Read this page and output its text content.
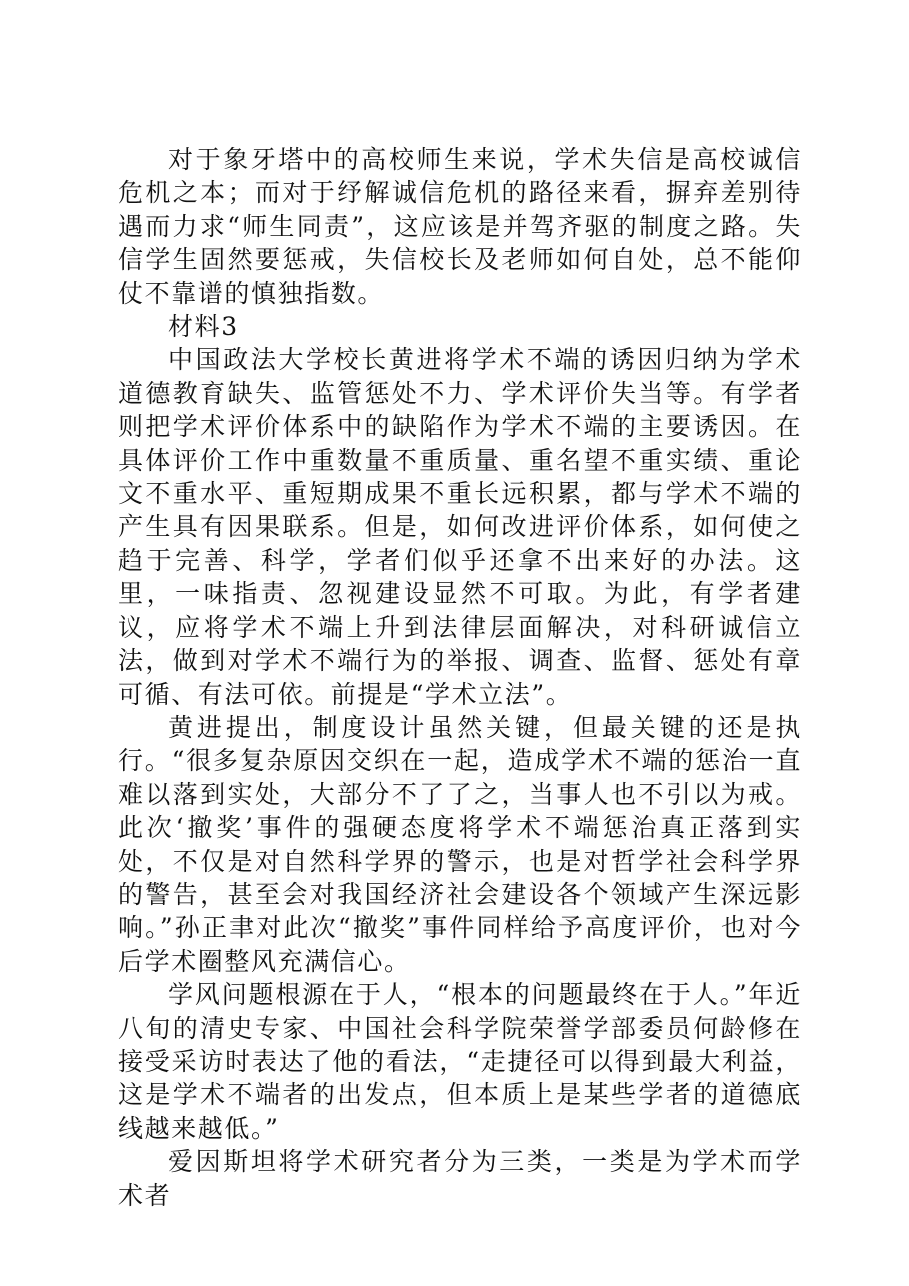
对于象牙塔中的高校师生来说，学术失信是高校诚信危机之本；而对于纾解诚信危机的路径来看，摒弃差别待遇而力求“师生同责”，这应该是并驾齐驱的制度之路。失信学生固然要惩戒，失信校长及老师如何自处，总不能仰仗不靠谱的慎独指数。

材料3

中国政法大学校长黄进将学术不端的诱因归纳为学术道德教育缺失、监管惩处不力、学术评价失当等。有学者则把学术评价体系中的缺陷作为学术不端的主要诱因。在具体评价工作中重数量不重质量、重名望不重实绩、重论文不重水平、重短期成果不重长远积累，都与学术不端的产生具有因果联系。但是，如何改进评价体系，如何使之趋于完善、科学，学者们似乎还拿不出来好的办法。这里，一味指责、忽视建设显然不可取。为此，有学者建议，应将学术不端上升到法律层面解决，对科研诚信立法，做到对学术不端行为的举报、调查、监督、惩处有章可循、有法可依。前提是“学术立法”。

黄进提出，制度设计虽然关键，但最关键的还是执行。“很多复杂原因交织在一起，造成学术不端的惩治一直难以落到实处，大部分不了了之，当事人也不引以为戒。此次‘撤奖’事件的强硬态度将学术不端惩治真正落到实处，不仅是对自然科学界的警示，也是对哲学社会科学界的警告，甚至会对我国经济社会建设各个领域产生深远影响。”孙正聿对此次“撤奖”事件同样给予高度评价，也对今后学术圈整风充满信心。

学风问题根源在于人，“根本的问题最终在于人。”年近八旬的清史专家、中国社会科学院荣誉学部委员何龄修在接受采访时表达了他的看法，“走捷径可以得到最大利益，这是学术不端者的出发点，但本质上是某些学者的道德底线越来越低。”

爱因斯坦将学术研究者分为三类，一类是为学术而学术者
